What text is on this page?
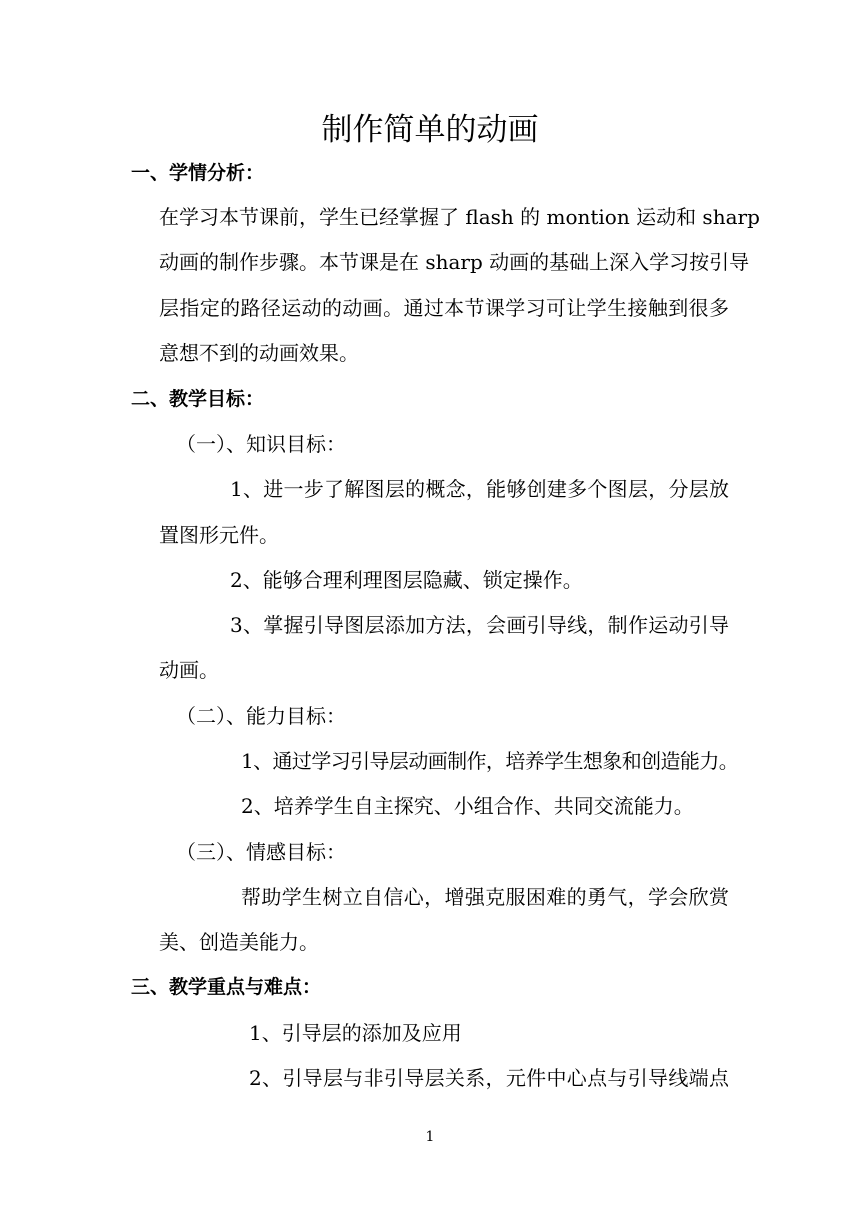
制作简单的动画
一、学情分析：
在学习本节课前，学生已经掌握了 flash 的 montion 运动和 sharp
动画的制作步骤。本节课是在 sharp 动画的基础上深入学习按引导
层指定的路径运动的动画。通过本节课学习可让学生接触到很多
意想不到的动画效果。
二、教学目标：
（一）、知识目标：
1、进一步了解图层的概念，能够创建多个图层，分层放
置图形元件。
2、能够合理利理图层隐藏、锁定操作。
3、掌握引导图层添加方法，会画引导线，制作运动引导
动画。
（二）、能力目标：
1、通过学习引导层动画制作，培养学生想象和创造能力。
2、培养学生自主探究、小组合作、共同交流能力。
（三）、情感目标：
帮助学生树立自信心，增强克服困难的勇气，学会欣赏
美、创造美能力。
三、教学重点与难点：
1、引导层的添加及应用
2、引导层与非引导层关系，元件中心点与引导线端点
1
